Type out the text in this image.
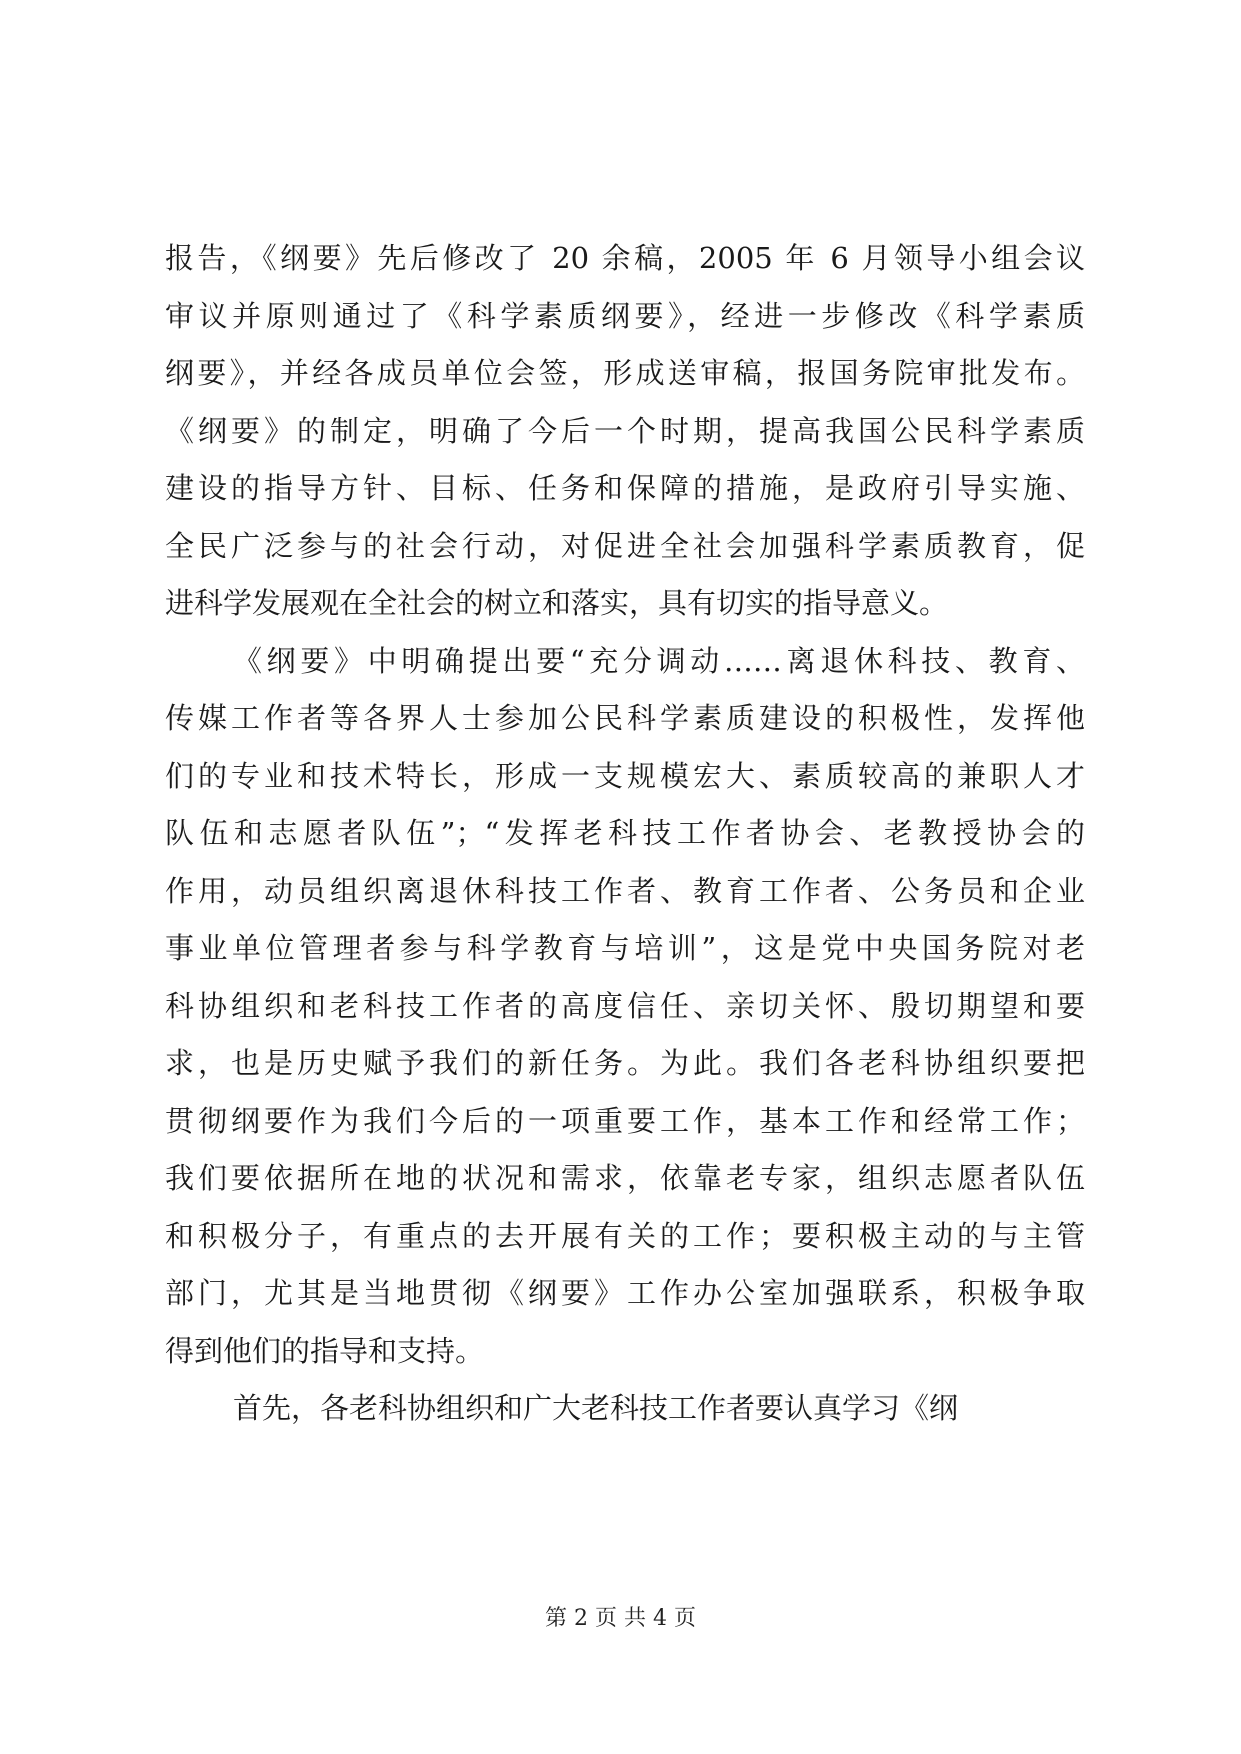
报告，《纲要》先后修改了 20 余稿，2005 年 6 月领导小组会议
审议并原则通过了《科学素质纲要》，经进一步修改《科学素质
纲要》，并经各成员单位会签，形成送审稿，报国务院审批发布。
《纲要》的制定，明确了今后一个时期，提高我国公民科学素质
建设的指导方针、目标、任务和保障的措施，是政府引导实施、
全民广泛参与的社会行动，对促进全社会加强科学素质教育，促
进科学发展观在全社会的树立和落实，具有切实的指导意义。
《纲要》中明确提出要“充分调动……离退休科技、教育、
传媒工作者等各界人士参加公民科学素质建设的积极性，发挥他
们的专业和技术特长，形成一支规模宏大、素质较高的兼职人才
队伍和志愿者队伍”；“发挥老科技工作者协会、老教授协会的
作用，动员组织离退休科技工作者、教育工作者、公务员和企业
事业单位管理者参与科学教育与培训”，这是党中央国务院对老
科协组织和老科技工作者的高度信任、亲切关怀、殷切期望和要
求，也是历史赋予我们的新任务。为此。我们各老科协组织要把
贯彻纲要作为我们今后的一项重要工作，基本工作和经常工作；
我们要依据所在地的状况和需求，依靠老专家，组织志愿者队伍
和积极分子，有重点的去开展有关的工作；要积极主动的与主管
部门，尤其是当地贯彻《纲要》工作办公室加强联系，积极争取
得到他们的指导和支持。
首先，各老科协组织和广大老科技工作者要认真学习《纲
第 2 页 共 4 页
